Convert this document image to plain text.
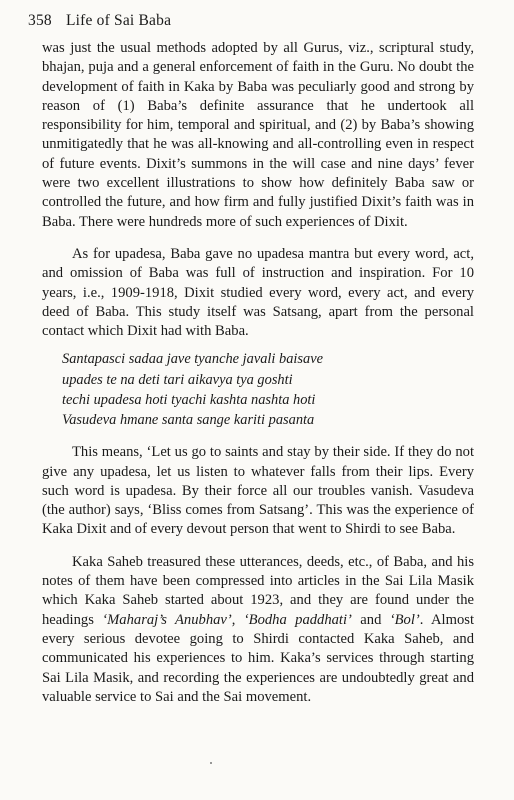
358 Life of Sai Baba

was just the usual methods adopted by all Gurus, viz., scriptural study, bhajan, puja and a general enforcement of faith in the Guru. No doubt the development of faith in Kaka by Baba was peculiarly good and strong by reason of (1) Baba’s definite assurance that he undertook all responsibility for him, temporal and spiritual, and (2) by Baba’s showing unmitigatedly that he was all-knowing and all-controlling even in respect of future events. Dixit’s summons in the will case and nine days’ fever were two excellent illustrations to show how definitely Baba saw or controlled the future, and how firm and fully justified Dixit’s faith was in Baba. There were hundreds more of such experiences of Dixit.

As for upadesa, Baba gave no upadesa mantra but every word, act, and omission of Baba was full of instruction and inspiration. For 10 years, i.e., 1909-1918, Dixit studied every word, every act, and every deed of Baba. This study itself was Satsang, apart from the personal contact which Dixit had with Baba.

Santapasci sadaa jave tyanche javali baisave
upades te na deti tari aikavya tya goshti
techi upadesa hoti tyachi kashta nashta hoti
Vasudeva hmane santa sange kariti pasanta

This means, ‘Let us go to saints and stay by their side. If they do not give any upadesa, let us listen to whatever falls from their lips. Every such word is upadesa. By their force all our troubles vanish. Vasudeva (the author) says, ‘Bliss comes from Satsang’. This was the experience of Kaka Dixit and of every devout person that went to Shirdi to see Baba.

Kaka Saheb treasured these utterances, deeds, etc., of Baba, and his notes of them have been compressed into articles in the Sai Lila Masik which Kaka Saheb started about 1923, and they are found under the headings ‘Maharaj’s Anubhav’, ‘Bodha paddhati’ and ‘Bol’. Almost every serious devotee going to Shirdi contacted Kaka Saheb, and communicated his experiences to him. Kaka’s services through starting Sai Lila Masik, and recording the experiences are undoubtedly great and valuable service to Sai and the Sai movement.
